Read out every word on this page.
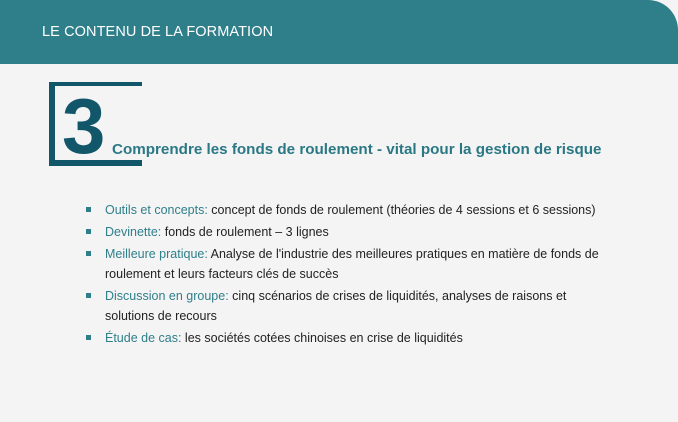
LE CONTENU DE LA FORMATION
3 Comprendre les fonds de roulement - vital pour la gestion de risque
Outils et concepts: concept de fonds de roulement (théories de 4 sessions et 6 sessions)
Devinette: fonds de roulement – 3 lignes
Meilleure pratique: Analyse de l'industrie des meilleures pratiques en matière de fonds de roulement et leurs facteurs clés de succès
Discussion en groupe: cinq scénarios de crises de liquidités, analyses de raisons et solutions de recours
Étude de cas: les sociétés cotées chinoises en crise de liquidités
